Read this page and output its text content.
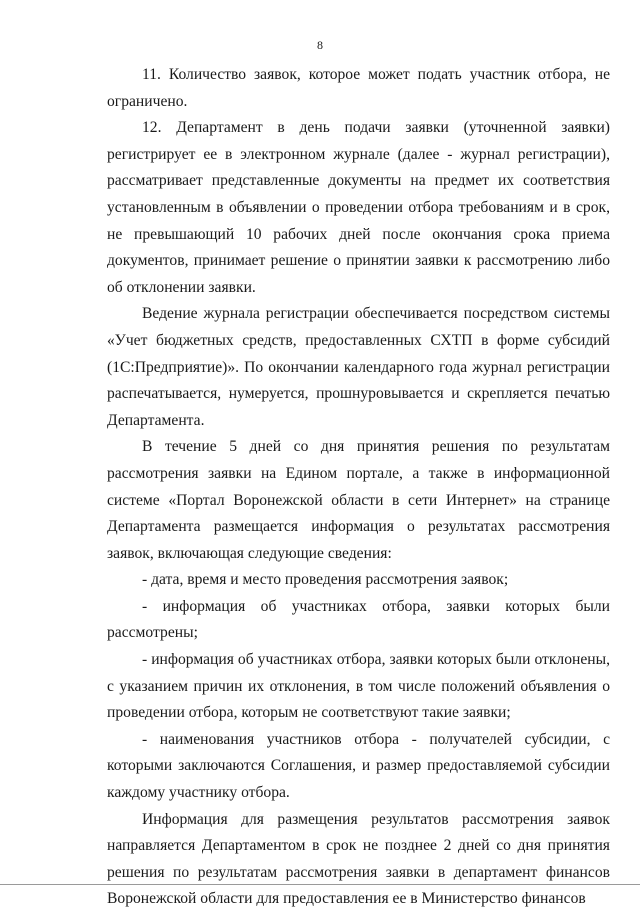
8

11. Количество заявок, которое может подать участник отбора, не ограничено.

12. Департамент в день подачи заявки (уточненной заявки) регистрирует ее в электронном журнале (далее - журнал регистрации), рассматривает представленные документы на предмет их соответствия установленным в объявлении о проведении отбора требованиям и в срок, не превышающий 10 рабочих дней после окончания срока приема документов, принимает решение о принятии заявки к рассмотрению либо об отклонении заявки.

Ведение журнала регистрации обеспечивается посредством системы «Учет бюджетных средств, предоставленных СХТП в форме субсидий (1С:Предприятие)». По окончании календарного года журнал регистрации распечатывается, нумеруется, прошнуровывается и скрепляется печатью Департамента.

В течение 5 дней со дня принятия решения по результатам рассмотрения заявки на Едином портале, а также в информационной системе «Портал Воронежской области в сети Интернет» на странице Департамента размещается информация о результатах рассмотрения заявок, включающая следующие сведения:

- дата, время и место проведения рассмотрения заявок;

- информация об участниках отбора, заявки которых были рассмотрены;

- информация об участниках отбора, заявки которых были отклонены, с указанием причин их отклонения, в том числе положений объявления о проведении отбора, которым не соответствуют такие заявки;

- наименования участников отбора - получателей субсидии, с которыми заключаются Соглашения, и размер предоставляемой субсидии каждому участнику отбора.

Информация для размещения результатов рассмотрения заявок направляется Департаментом в срок не позднее 2 дней со дня принятия решения по результатам рассмотрения заявки в департамент финансов Воронежской области для предоставления ее в Министерство финансов
